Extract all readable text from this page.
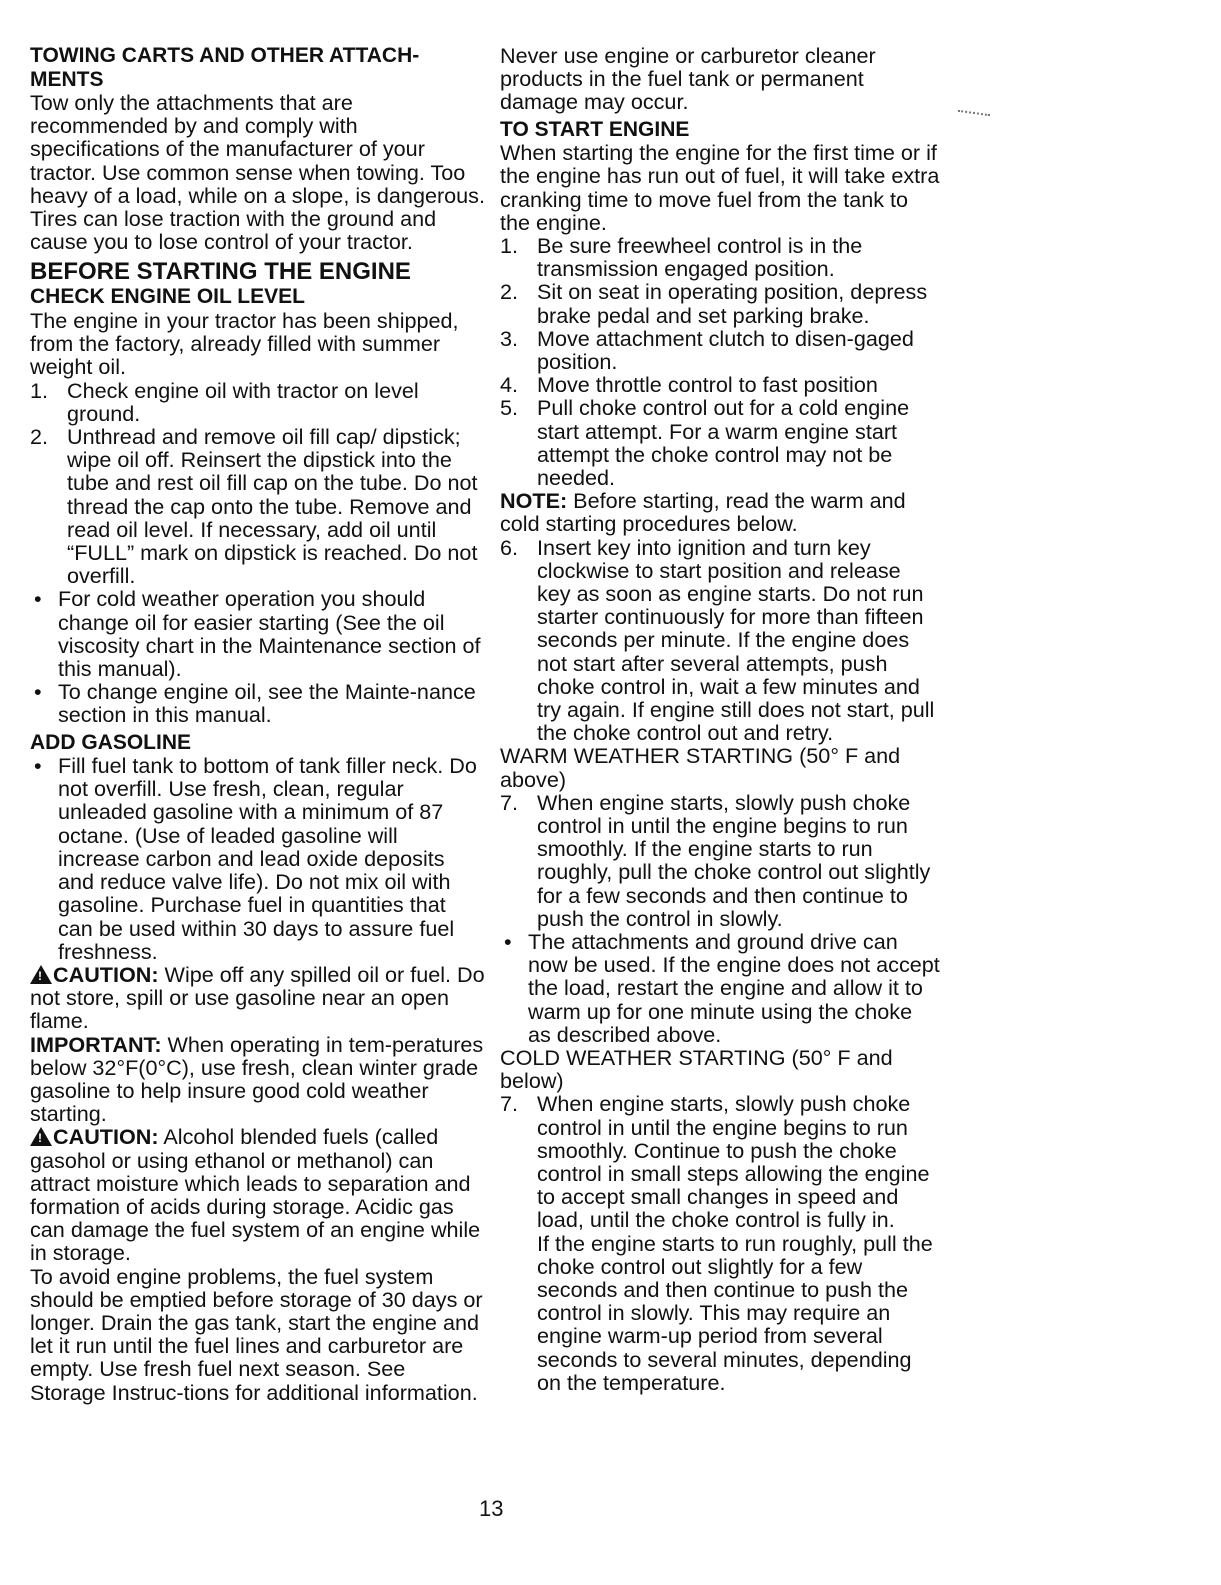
TOWING CARTS AND OTHER ATTACH-MENTS

Tow only the attachments that are recommended by and comply with specifications of the manufacturer of your tractor. Use common sense when towing. Too heavy of a load, while on a slope, is dangerous. Tires can lose traction with the ground and cause you to lose control of your tractor.

BEFORE STARTING THE ENGINE

CHECK ENGINE OIL LEVEL

The engine in your tractor has been shipped, from the factory, already filled with summer weight oil.

1. Check engine oil with tractor on level ground.
2. Unthread and remove oil fill cap/ dipstick; wipe oil off. Reinsert the dipstick into the tube and rest oil fill cap on the tube. Do not thread the cap onto the tube. Remove and read oil level. If necessary, add oil until “FULL” mark on dipstick is reached. Do not overfill.
• For cold weather operation you should change oil for easier starting (See the oil viscosity chart in the Maintenance section of this manual).
• To change engine oil, see the Mainte-nance section in this manual.

ADD GASOLINE

• Fill fuel tank to bottom of tank filler neck. Do not overfill. Use fresh, clean, regular unleaded gasoline with a minimum of 87 octane. (Use of leaded gasoline will increase carbon and lead oxide deposits and reduce valve life). Do not mix oil with gasoline. Purchase fuel in quantities that can be used within 30 days to assure fuel freshness.

!CAUTION: Wipe off any spilled oil or fuel. Do not store, spill or use gasoline near an open flame.

IMPORTANT: When operating in tem-peratures below 32°F(0°C), use fresh, clean winter grade gasoline to help insure good cold weather starting.

!CAUTION: Alcohol blended fuels (called gasohol or using ethanol or methanol) can attract moisture which leads to separation and formation of acids during storage. Acidic gas can damage the fuel system of an engine while in storage.

To avoid engine problems, the fuel system should be emptied before storage of 30 days or longer. Drain the gas tank, start the engine and let it run until the fuel lines and carburetor are empty. Use fresh fuel next season. See Storage Instruc-tions for additional information.

Never use engine or carburetor cleaner products in the fuel tank or permanent damage may occur.

TO START ENGINE

When starting the engine for the first time or if the engine has run out of fuel, it will take extra cranking time to move fuel from the tank to the engine.

1. Be sure freewheel control is in the transmission engaged position.
2. Sit on seat in operating position, depress brake pedal and set parking brake.
3. Move attachment clutch to disen-gaged position.
4. Move throttle control to fast position
5. Pull choke control out for a cold engine start attempt. For a warm engine start attempt the choke control may not be needed.

NOTE: Before starting, read the warm and cold starting procedures below.

6. Insert key into ignition and turn key clockwise to start position and release key as soon as engine starts. Do not run starter continuously for more than fifteen seconds per minute. If the engine does not start after several attempts, push choke control in, wait a few minutes and try again. If engine still does not start, pull the choke control out and retry.

WARM WEATHER STARTING (50° F and above)

7. When engine starts, slowly push choke control in until the engine begins to run smoothly. If the engine starts to run roughly, pull the choke control out slightly for a few seconds and then continue to push the control in slowly.
• The attachments and ground drive can now be used. If the engine does not accept the load, restart the engine and allow it to warm up for one minute using the choke as described above.

COLD WEATHER STARTING (50° F and below)

7. When engine starts, slowly push choke control in until the engine begins to run smoothly. Continue to push the choke control in small steps allowing the engine to accept small changes in speed and load, until the choke control is fully in.

If the engine starts to run roughly, pull the choke control out slightly for a few seconds and then continue to push the control in slowly. This may require an engine warm-up period from several seconds to several minutes, depending on the temperature.

13
